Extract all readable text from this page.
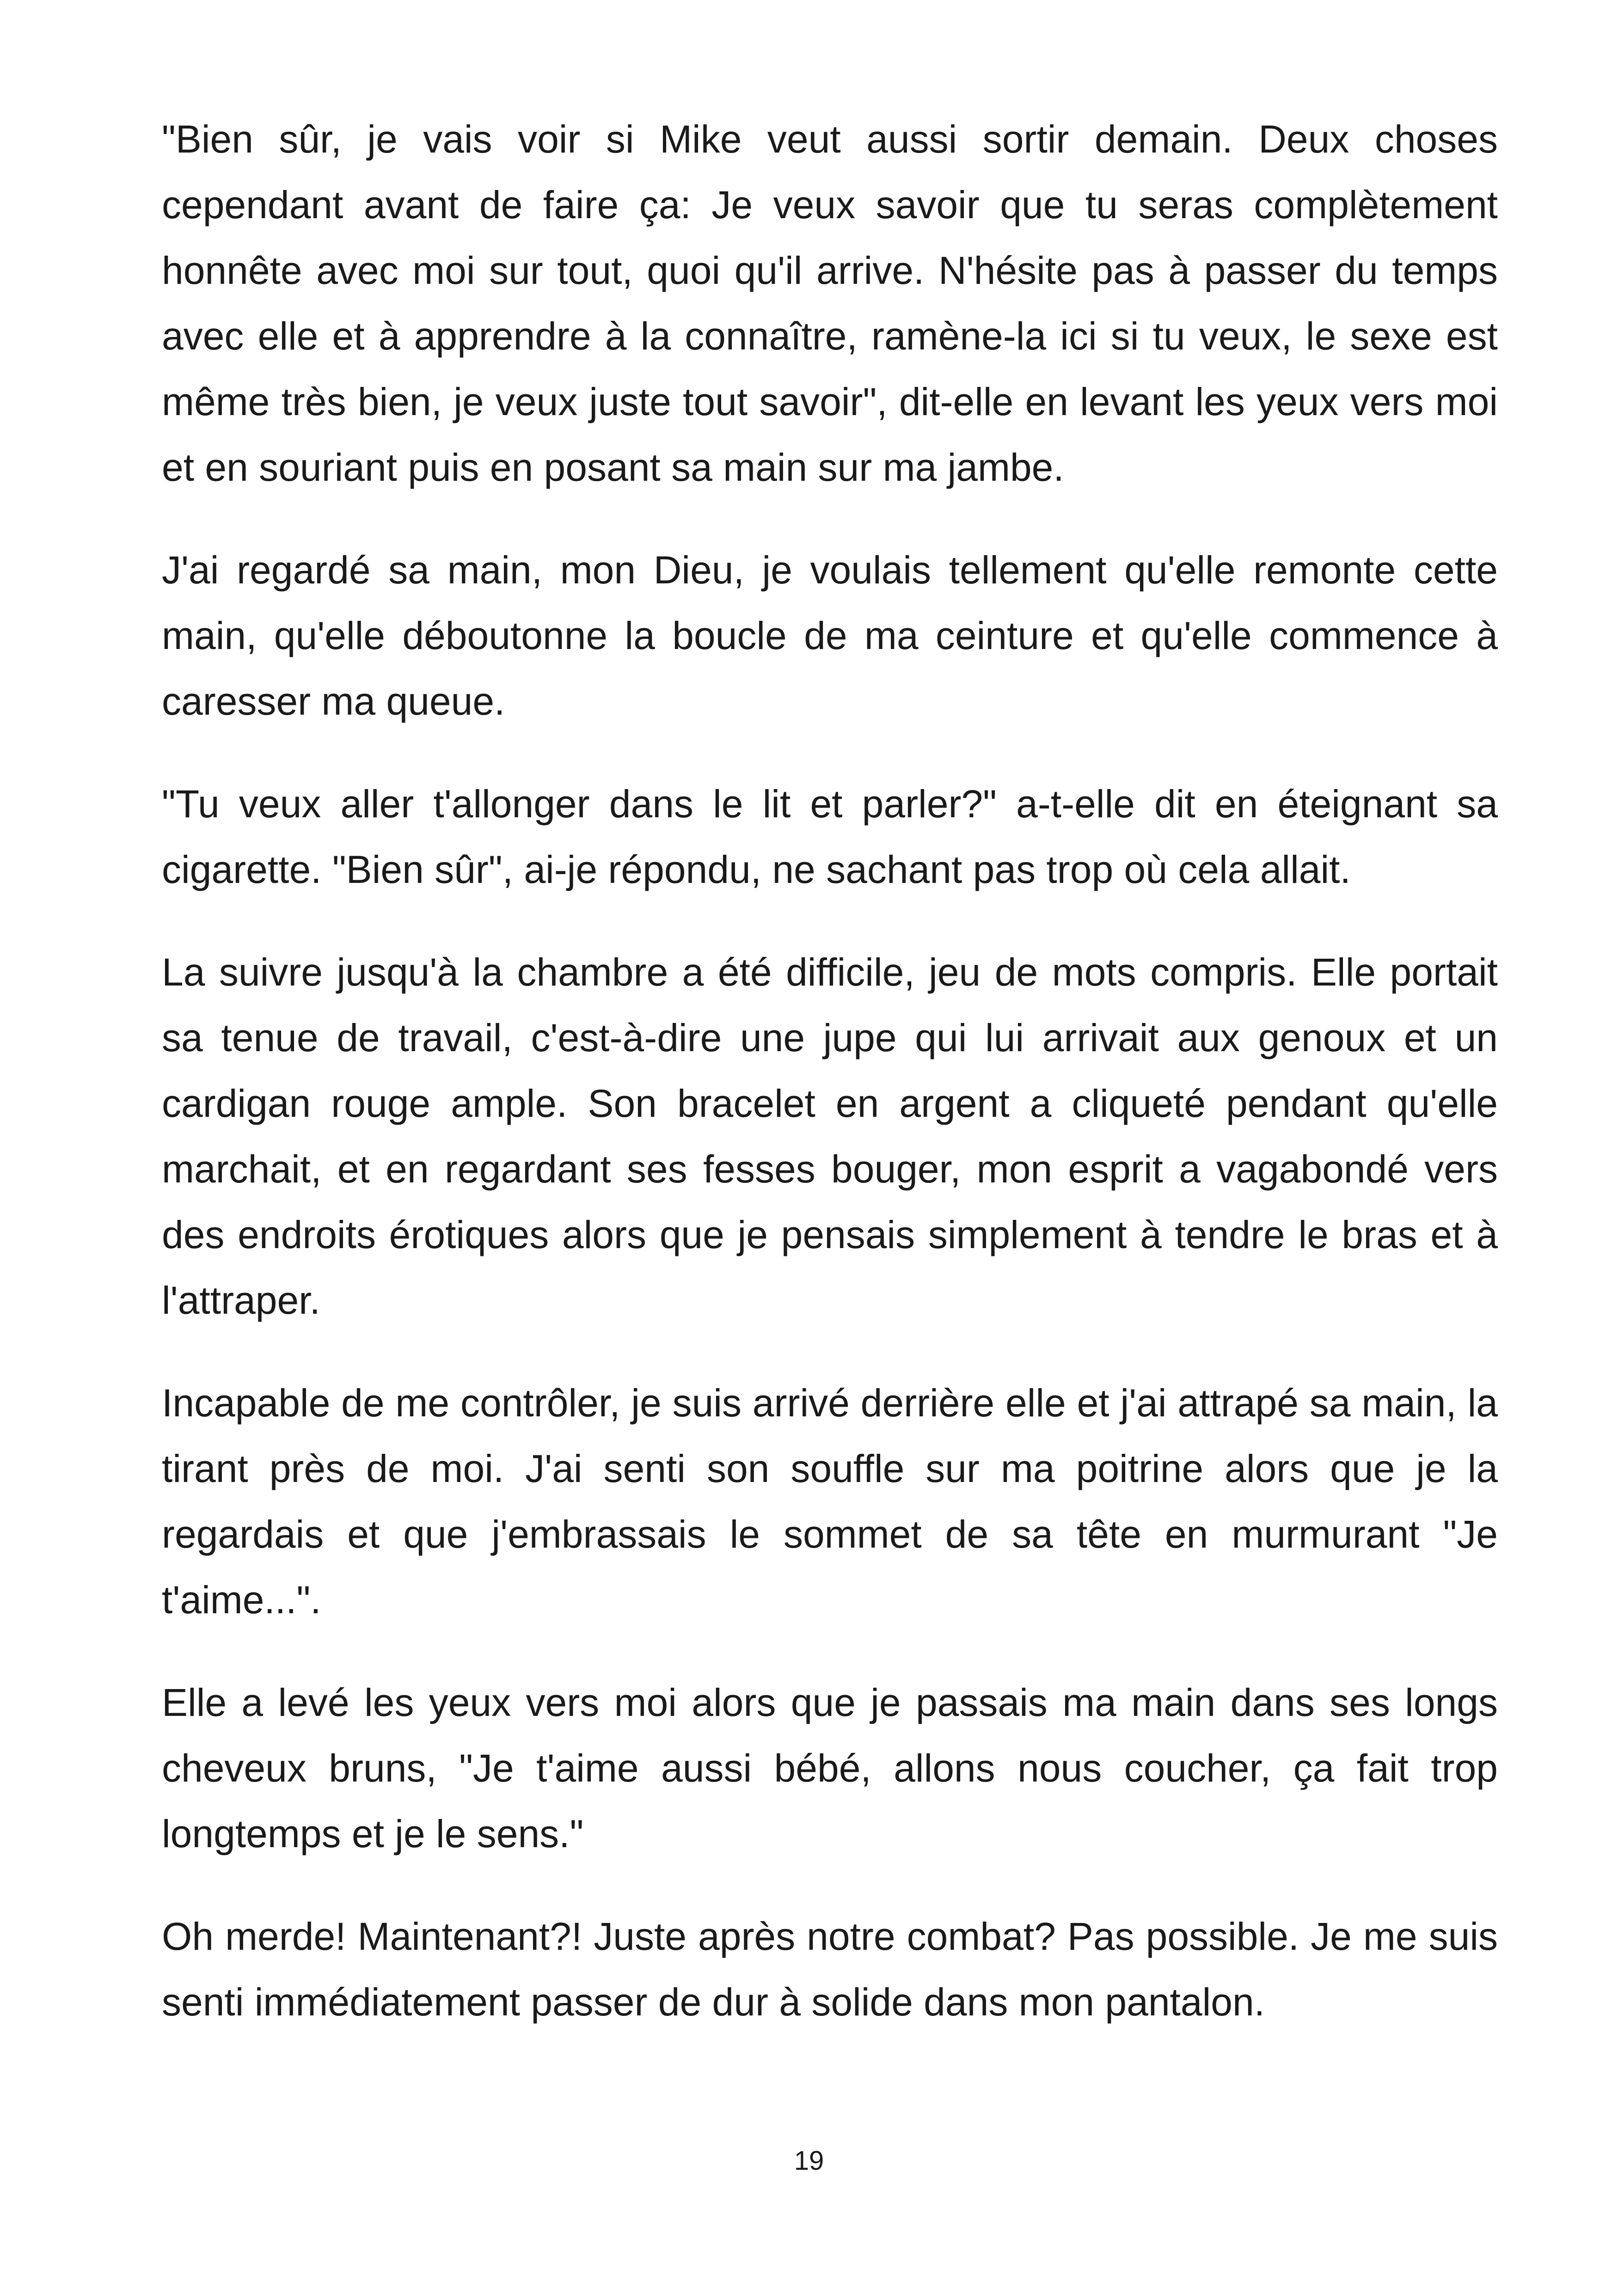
"Bien sûr, je vais voir si Mike veut aussi sortir demain. Deux choses cependant avant de faire ça: Je veux savoir que tu seras complètement honnête avec moi sur tout, quoi qu'il arrive. N'hésite pas à passer du temps avec elle et à apprendre à la connaître, ramène-la ici si tu veux, le sexe est même très bien, je veux juste tout savoir", dit-elle en levant les yeux vers moi et en souriant puis en posant sa main sur ma jambe.

J'ai regardé sa main, mon Dieu, je voulais tellement qu'elle remonte cette main, qu'elle déboutonne la boucle de ma ceinture et qu'elle commence à caresser ma queue.

"Tu veux aller t'allonger dans le lit et parler?" a-t-elle dit en éteignant sa cigarette. "Bien sûr", ai-je répondu, ne sachant pas trop où cela allait.

La suivre jusqu'à la chambre a été difficile, jeu de mots compris. Elle portait sa tenue de travail, c'est-à-dire une jupe qui lui arrivait aux genoux et un cardigan rouge ample. Son bracelet en argent a cliqueté pendant qu'elle marchait, et en regardant ses fesses bouger, mon esprit a vagabondé vers des endroits érotiques alors que je pensais simplement à tendre le bras et à l'attraper.

Incapable de me contrôler, je suis arrivé derrière elle et j'ai attrapé sa main, la tirant près de moi. J'ai senti son souffle sur ma poitrine alors que je la regardais et que j'embrassais le sommet de sa tête en murmurant "Je t'aime...".

Elle a levé les yeux vers moi alors que je passais ma main dans ses longs cheveux bruns, "Je t'aime aussi bébé, allons nous coucher, ça fait trop longtemps et je le sens."

Oh merde! Maintenant?! Juste après notre combat? Pas possible. Je me suis senti immédiatement passer de dur à solide dans mon pantalon.

19
